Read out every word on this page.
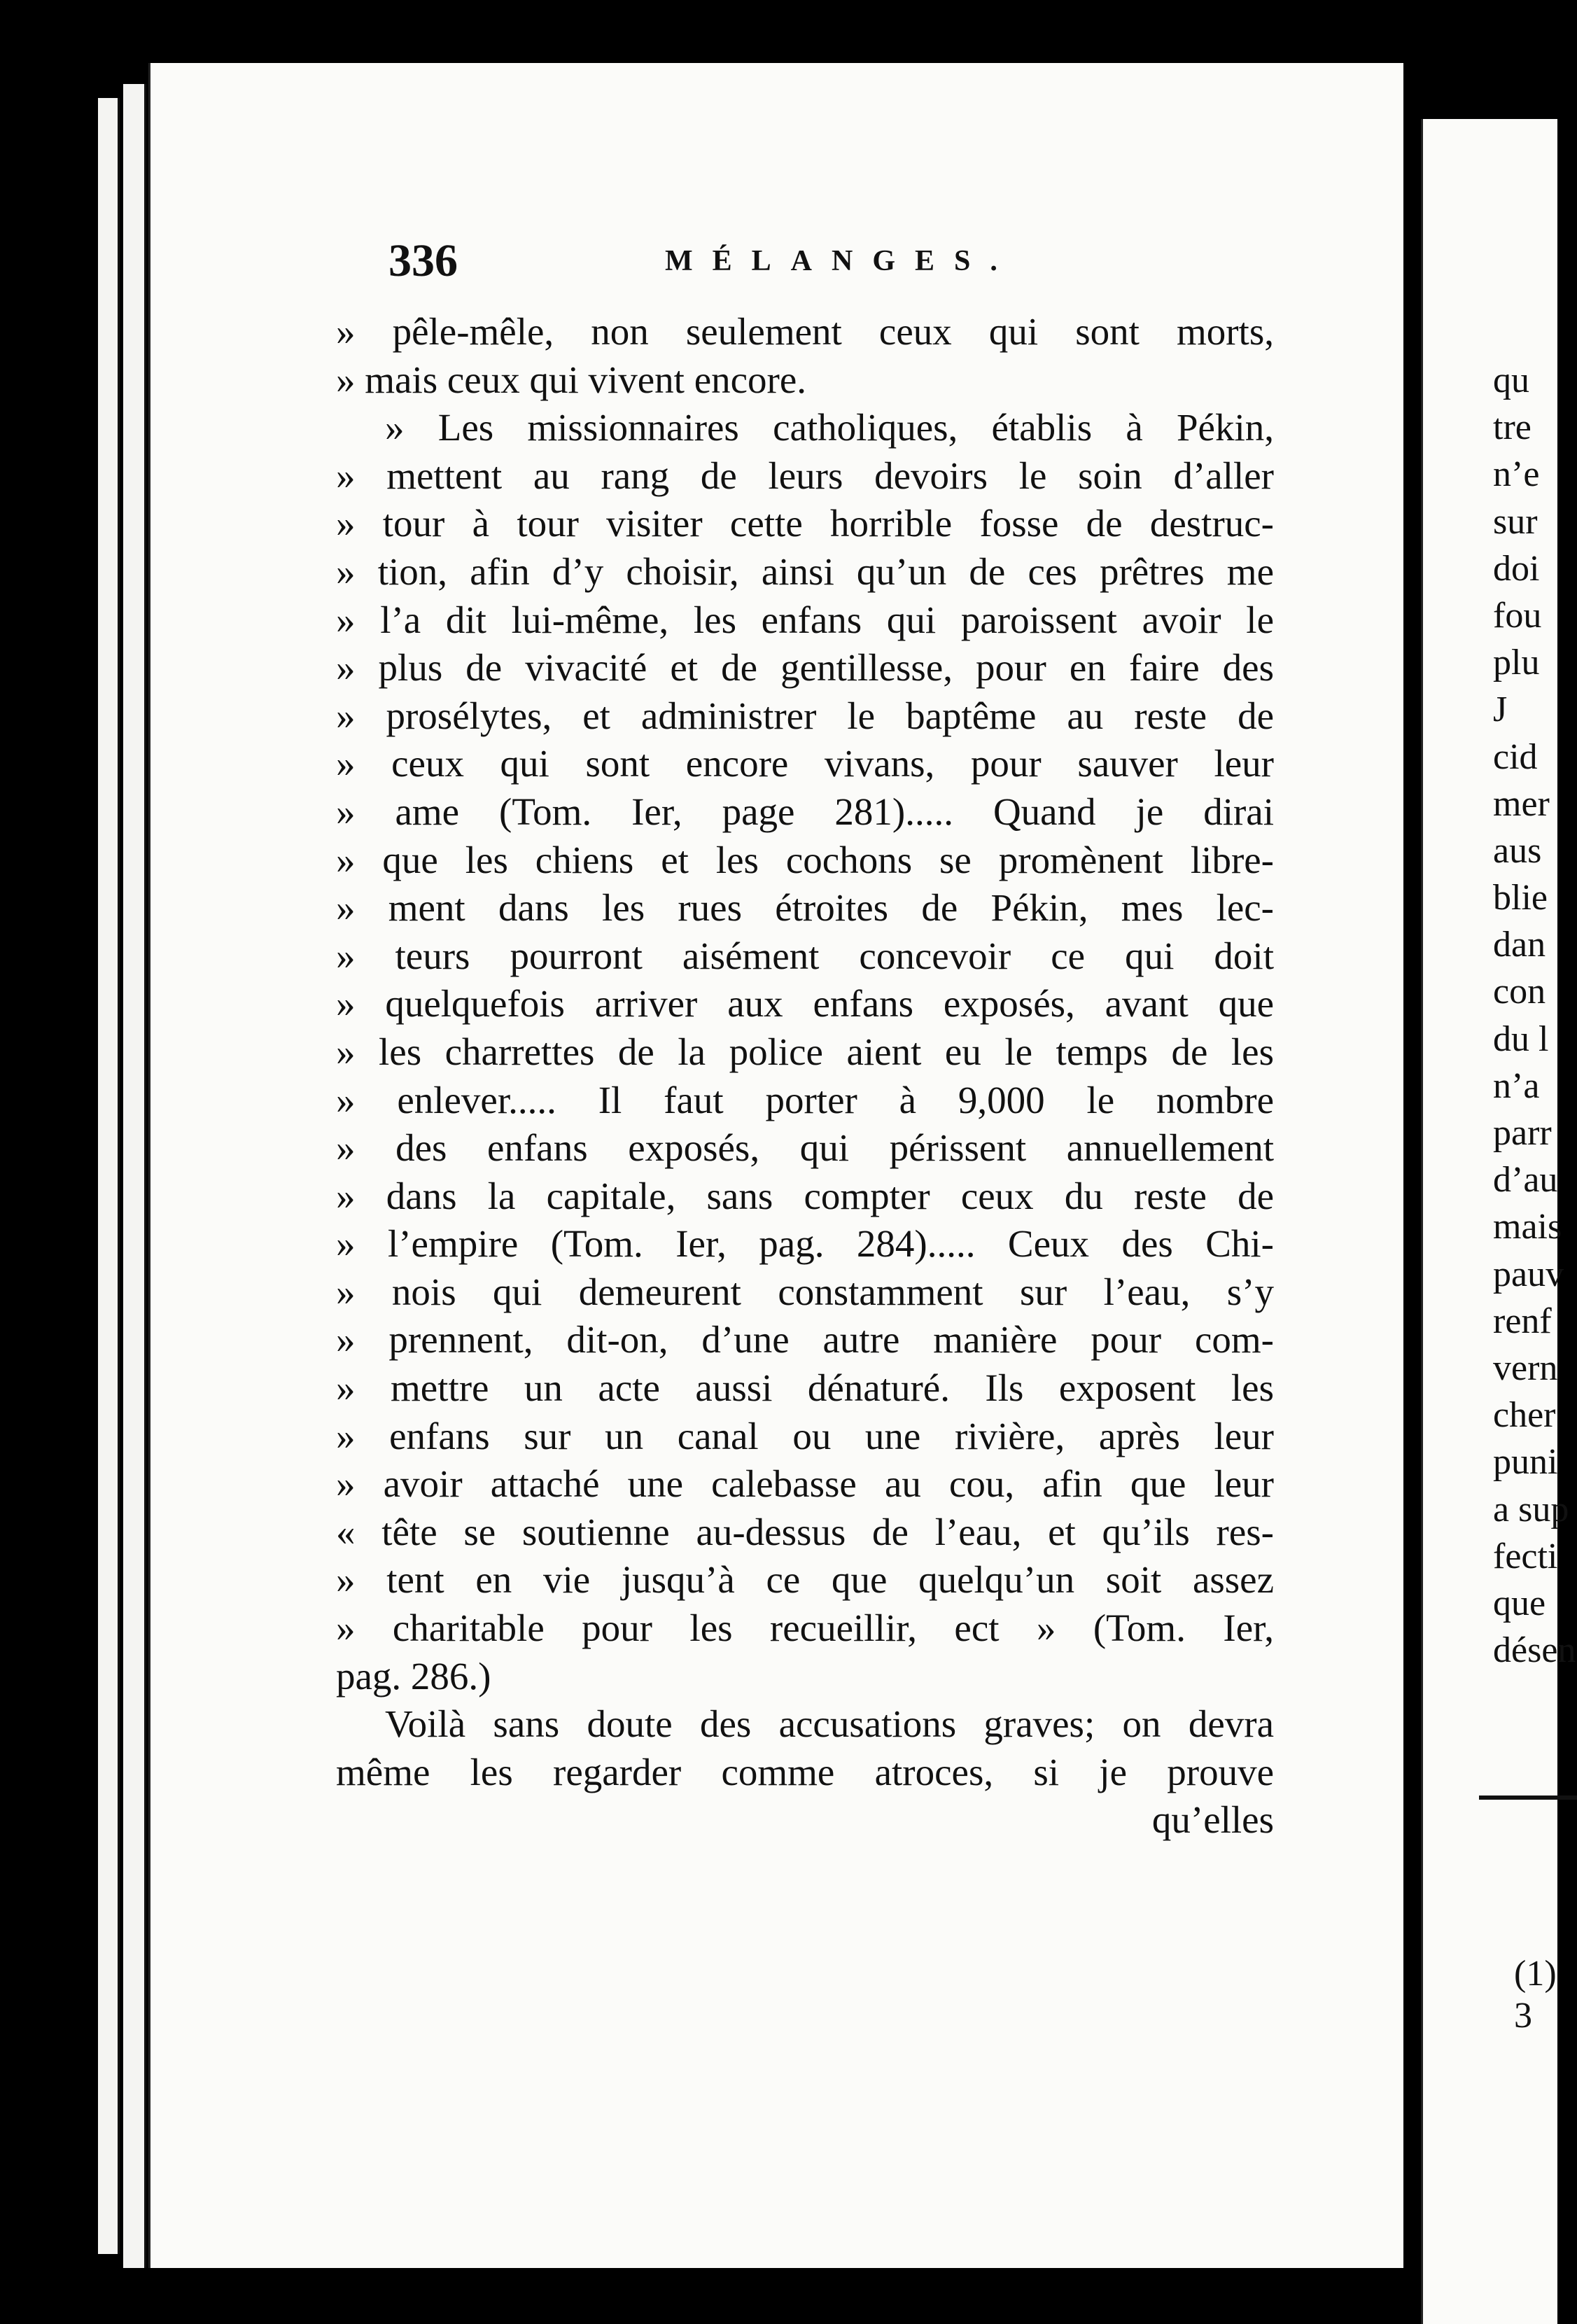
336	MÉLANGES.
» pêle-mêle, non seulement ceux qui sont morts,
» mais ceux qui vivent encore.
» Les missionnaires catholiques, établis à Pékin,
» mettent au rang de leurs devoirs le soin d’aller
» tour à tour visiter cette horrible fosse de destruc-
» tion, afin d’y choisir, ainsi qu’un de ces prêtres me
» l’a dit lui-même, les enfans qui paroissent avoir le
» plus de vivacité et de gentillesse, pour en faire des
» prosélytes, et administrer le baptême au reste de
» ceux qui sont encore vivans, pour sauver leur
» ame (Tom. Ier, page 281)..... Quand je dirai
» que les chiens et les cochons se promènent libre-
» ment dans les rues étroites de Pékin, mes lec-
» teurs pourront aisément concevoir ce qui doit
» quelquefois arriver aux enfans exposés, avant que
» les charrettes de la police aient eu le temps de les
» enlever..... Il faut porter à 9,000 le nombre
» des enfans exposés, qui périssent annuellement
» dans la capitale, sans compter ceux du reste de
» l’empire (Tom. Ier, pag. 284)..... Ceux des Chi-
» nois qui demeurent constamment sur l’eau, s’y
» prennent, dit-on, d’une autre manière pour com-
» mettre un acte aussi dénaturé. Ils exposent les
» enfans sur un canal ou une rivière, après leur
» avoir attaché une calebasse au cou, afin que leur
« tête se soutienne au-dessus de l’eau, et qu’ils res-
» tent en vie jusqu’à ce que quelqu’un soit assez
» charitable pour les recueillir, ect » (Tom. Ier,
pag. 286.)
Voilà sans doute des accusations graves; on devra
même les regarder comme atroces, si je prouve
qu’elles
qu
tre
n’e
sur
doi
fou
plu
J
cid
mer
aus
blie
dan
con
du l
n’a
parr
d’au
mais
pauv
renf
vern
cher
puni
a sup
fecti
que
désen
(1)
3
